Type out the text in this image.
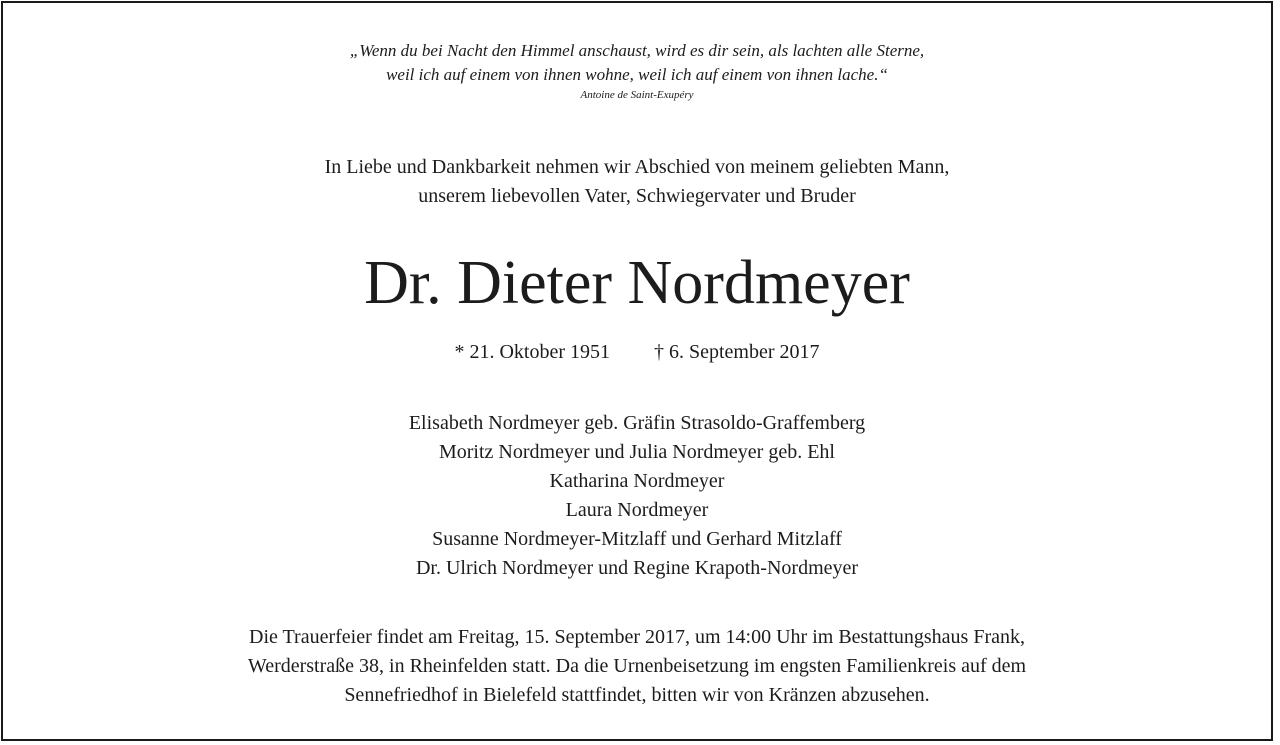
„Wenn du bei Nacht den Himmel anschaust, wird es dir sein, als lachten alle Sterne,
weil ich auf einem von ihnen wohne, weil ich auf einem von ihnen lache.“
Antoine de Saint-Exupéry
In Liebe und Dankbarkeit nehmen wir Abschied von meinem geliebten Mann,
unserem liebevollen Vater, Schwiegervater und Bruder
Dr. Dieter Nordmeyer
* 21. Oktober 1951 † 6. September 2017
Elisabeth Nordmeyer geb. Gräfin Strasoldo-Graffemberg
Moritz Nordmeyer und Julia Nordmeyer geb. Ehl
Katharina Nordmeyer
Laura Nordmeyer
Susanne Nordmeyer-Mitzlaff und Gerhard Mitzlaff
Dr. Ulrich Nordmeyer und Regine Krapoth-Nordmeyer
Die Trauerfeier findet am Freitag, 15. September 2017, um 14:00 Uhr im Bestattungshaus Frank,
Werderstraße 38, in Rheinfelden statt. Da die Urnenbeisetzung im engsten Familienkreis auf dem
Sennefriedhof in Bielefeld stattfindet, bitten wir von Kränzen abzusehen.
